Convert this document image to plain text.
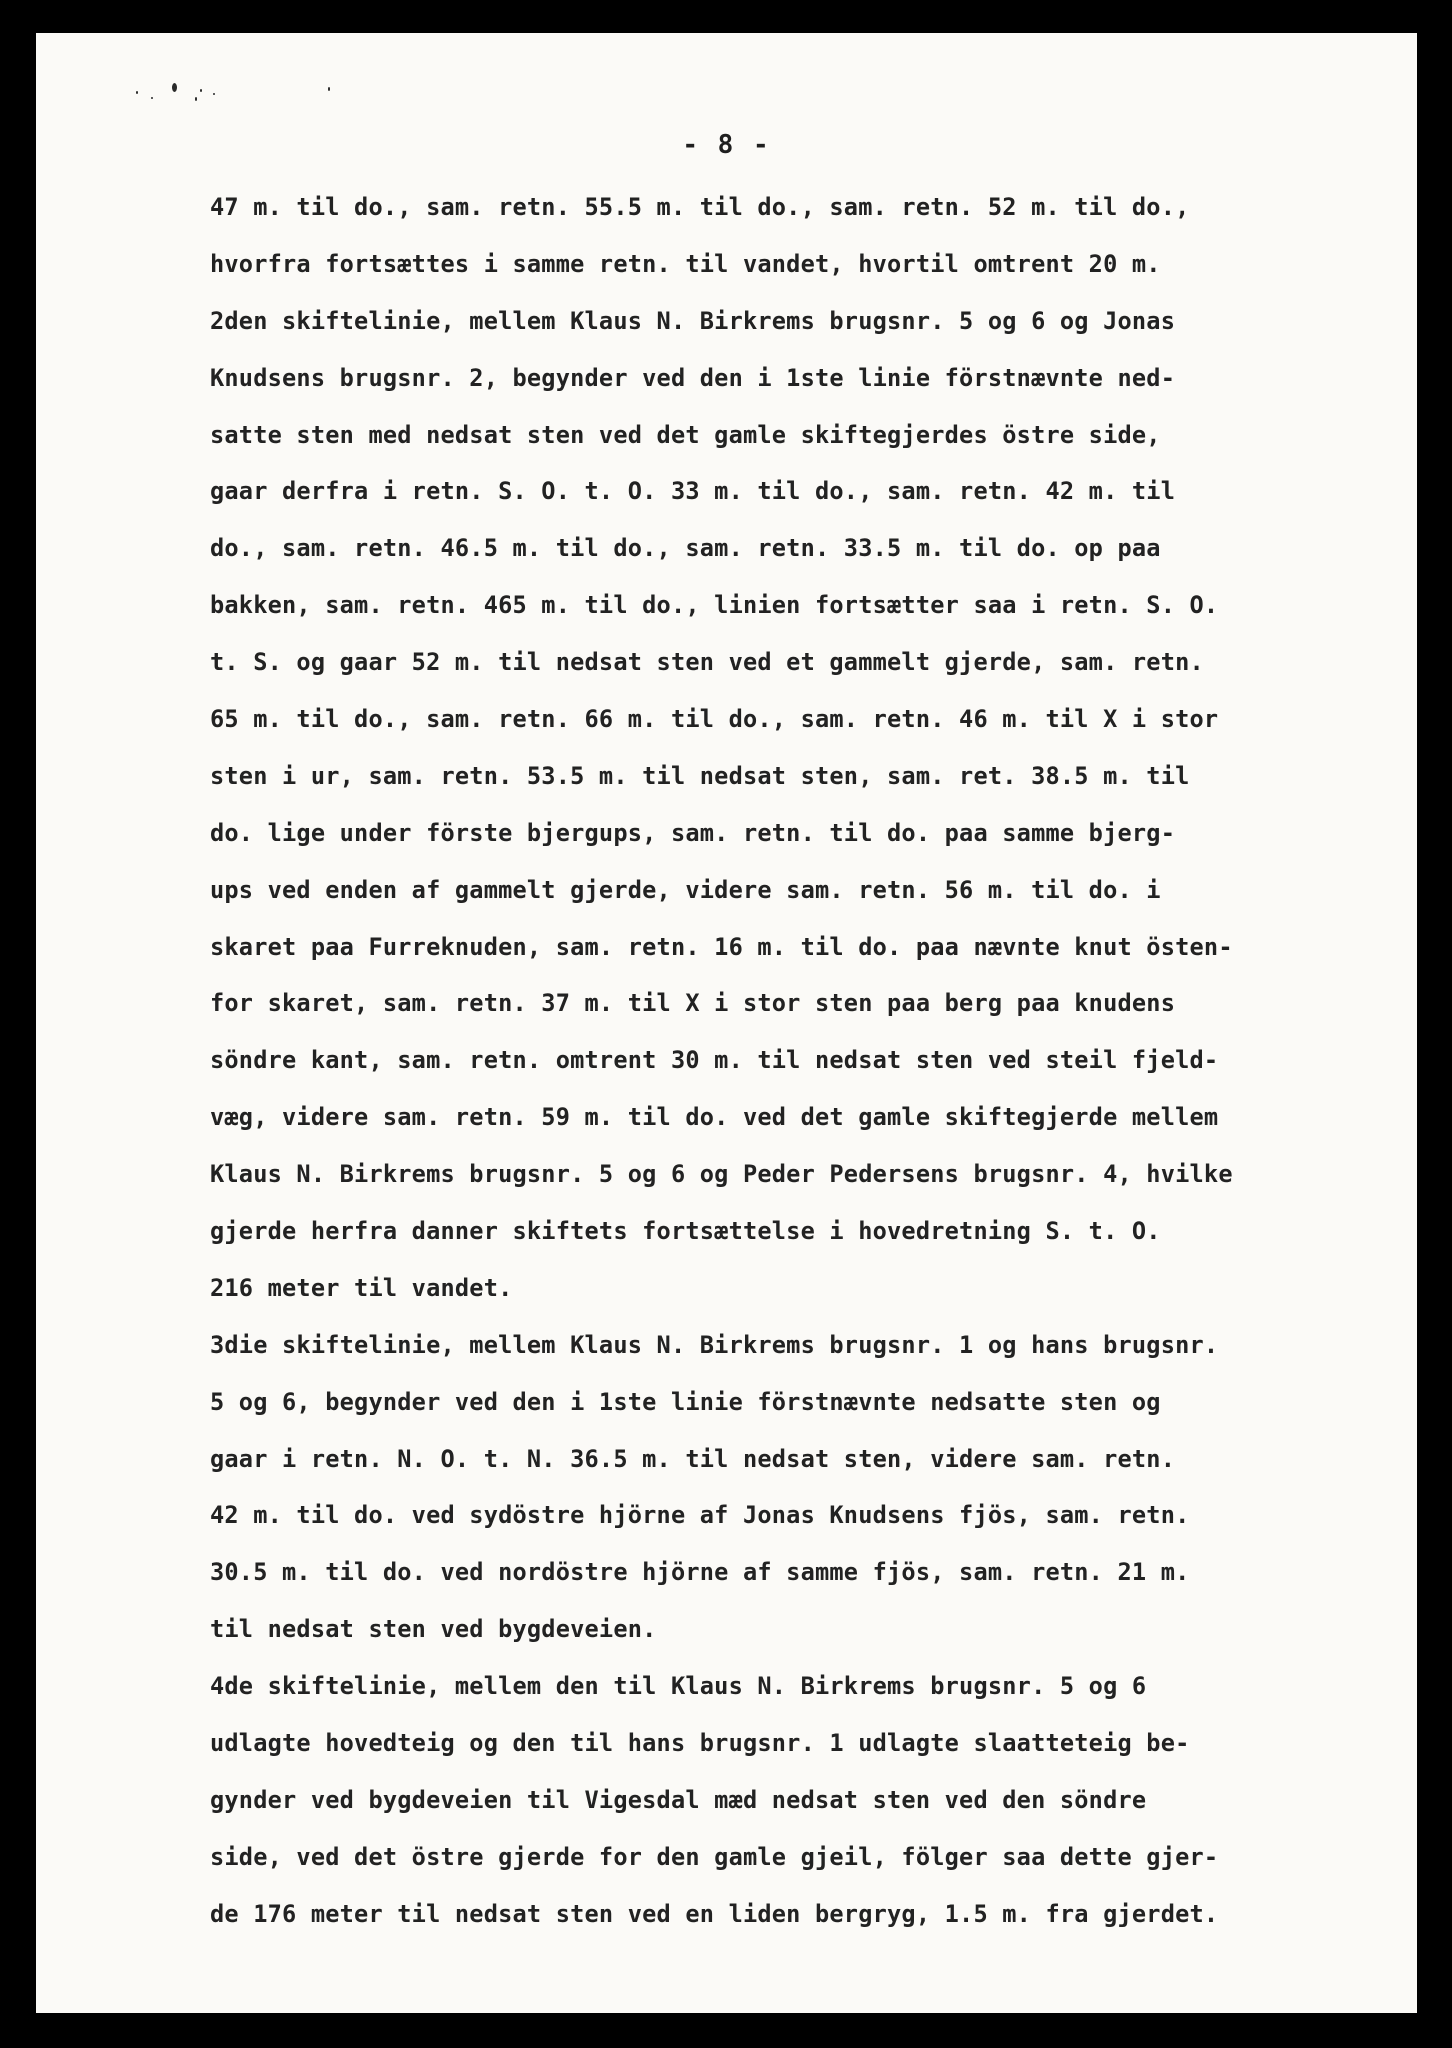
- 8 -
47 m. til do., sam. retn. 55.5 m. til do., sam. retn. 52 m. til do.,
hvorfra fortsættes i samme retn. til vandet, hvortil omtrent 20 m.
2den skiftelinie, mellem Klaus N. Birkrems brugsnr. 5 og 6 og Jonas
Knudsens brugsnr. 2, begynder ved den i 1ste linie förstnævnte ned-
satte sten med nedsat sten ved det gamle skiftegjerdes östre side,
gaar derfra i retn. S. O. t. O. 33 m. til do., sam. retn. 42 m. til
do., sam. retn. 46.5 m. til do., sam. retn. 33.5 m. til do. op paa
bakken, sam. retn. 465 m. til do., linien fortsætter saa i retn. S. O.
t. S. og gaar 52 m. til nedsat sten ved et gammelt gjerde, sam. retn.
65 m. til do., sam. retn. 66 m. til do., sam. retn. 46 m. til X i stor
sten i ur, sam. retn. 53.5 m. til nedsat sten, sam. ret. 38.5 m. til
do. lige under förste bjergups, sam. retn. til do. paa samme bjerg-
ups ved enden af gammelt gjerde, videre sam. retn. 56 m. til do. i
skaret paa Furreknuden, sam. retn. 16 m. til do. paa nævnte knut östen-
for skaret, sam. retn. 37 m. til X i stor sten paa berg paa knudens
söndre kant, sam. retn. omtrent 30 m. til nedsat sten ved steil fjeld-
væg, videre sam. retn. 59 m. til do. ved det gamle skiftegjerde mellem
Klaus N. Birkrems brugsnr. 5 og 6 og Peder Pedersens brugsnr. 4, hvilke
gjerde herfra danner skiftets fortsættelse i hovedretning S. t. O.
216 meter til vandet.
3die skiftelinie, mellem Klaus N. Birkrems brugsnr. 1 og hans brugsnr.
5 og 6, begynder ved den i 1ste linie förstnævnte nedsatte sten og
gaar i retn. N. O. t. N. 36.5 m. til nedsat sten, videre sam. retn.
42 m. til do. ved sydöstre hjörne af Jonas Knudsens fjös, sam. retn.
30.5 m. til do. ved nordöstre hjörne af samme fjös, sam. retn. 21 m.
til nedsat sten ved bygdeveien.
4de skiftelinie, mellem den til Klaus N. Birkrems brugsnr. 5 og 6
udlagte hovedteig og den til hans brugsnr. 1 udlagte slaatteteig be-
gynder ved bygdeveien til Vigesdal mæd nedsat sten ved den söndre
side, ved det östre gjerde for den gamle gjeil, fölger saa dette gjer-
de 176 meter til nedsat sten ved en liden bergryg, 1.5 m. fra gjerdet.
